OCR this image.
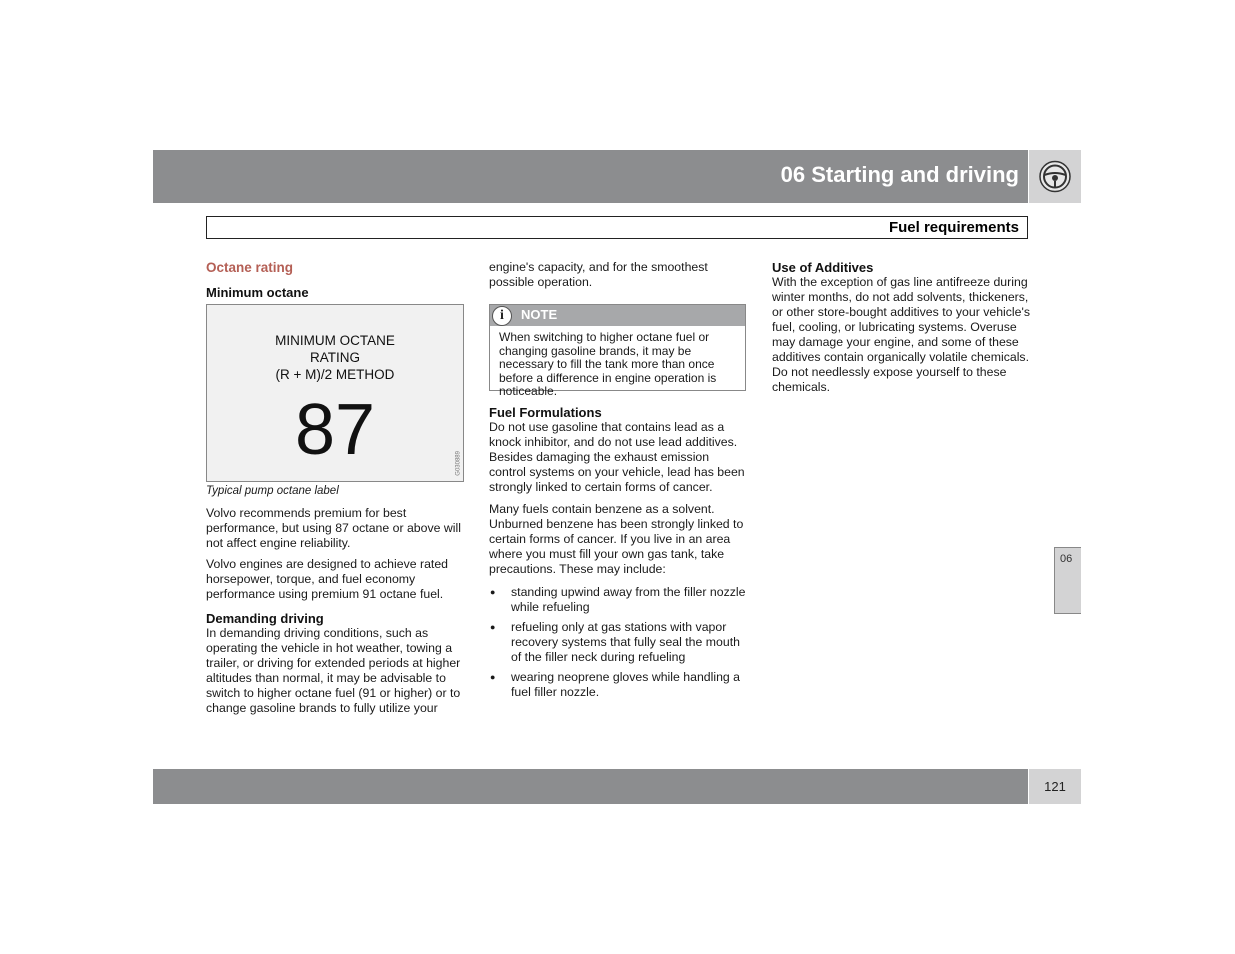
06 Starting and driving
Fuel requirements
Octane rating
Minimum octane
MINIMUM OCTANE
RATING
(R + M)/2 METHOD
87	G030889

Typical pump octane label

Volvo recommends premium for best performance, but using 87 octane or above will not affect engine reliability.

Volvo engines are designed to achieve rated horsepower, torque, and fuel economy performance using premium 91 octane fuel.

Demanding driving

In demanding driving conditions, such as operating the vehicle in hot weather, towing a trailer, or driving for extended periods at higher altitudes than normal, it may be advisable to switch to higher octane fuel (91 or higher) or to change gasoline brands to fully utilize your

engine's capacity, and for the smoothest possible operation.

i	NOTE
When switching to higher octane fuel or changing gasoline brands, it may be necessary to fill the tank more than once before a difference in engine operation is noticeable.
Fuel Formulations

Do not use gasoline that contains lead as a knock inhibitor, and do not use lead additives. Besides damaging the exhaust emission control systems on your vehicle, lead has been strongly linked to certain forms of cancer.

Many fuels contain benzene as a solvent. Unburned benzene has been strongly linked to certain forms of cancer. If you live in an area where you must fill your own gas tank, take precautions. These may include:

● standing upwind away from the filler nozzle while refueling
● refueling only at gas stations with vapor recovery systems that fully seal the mouth of the filler neck during refueling
● wearing neoprene gloves while handling a fuel filler nozzle.
Use of Additives

With the exception of gas line antifreeze during winter months, do not add solvents, thickeners, or other store-bought additives to your vehicle's fuel, cooling, or lubricating systems. Overuse may damage your engine, and some of these additives contain organically volatile chemicals. Do not needlessly expose yourself to these chemicals.

06
121
